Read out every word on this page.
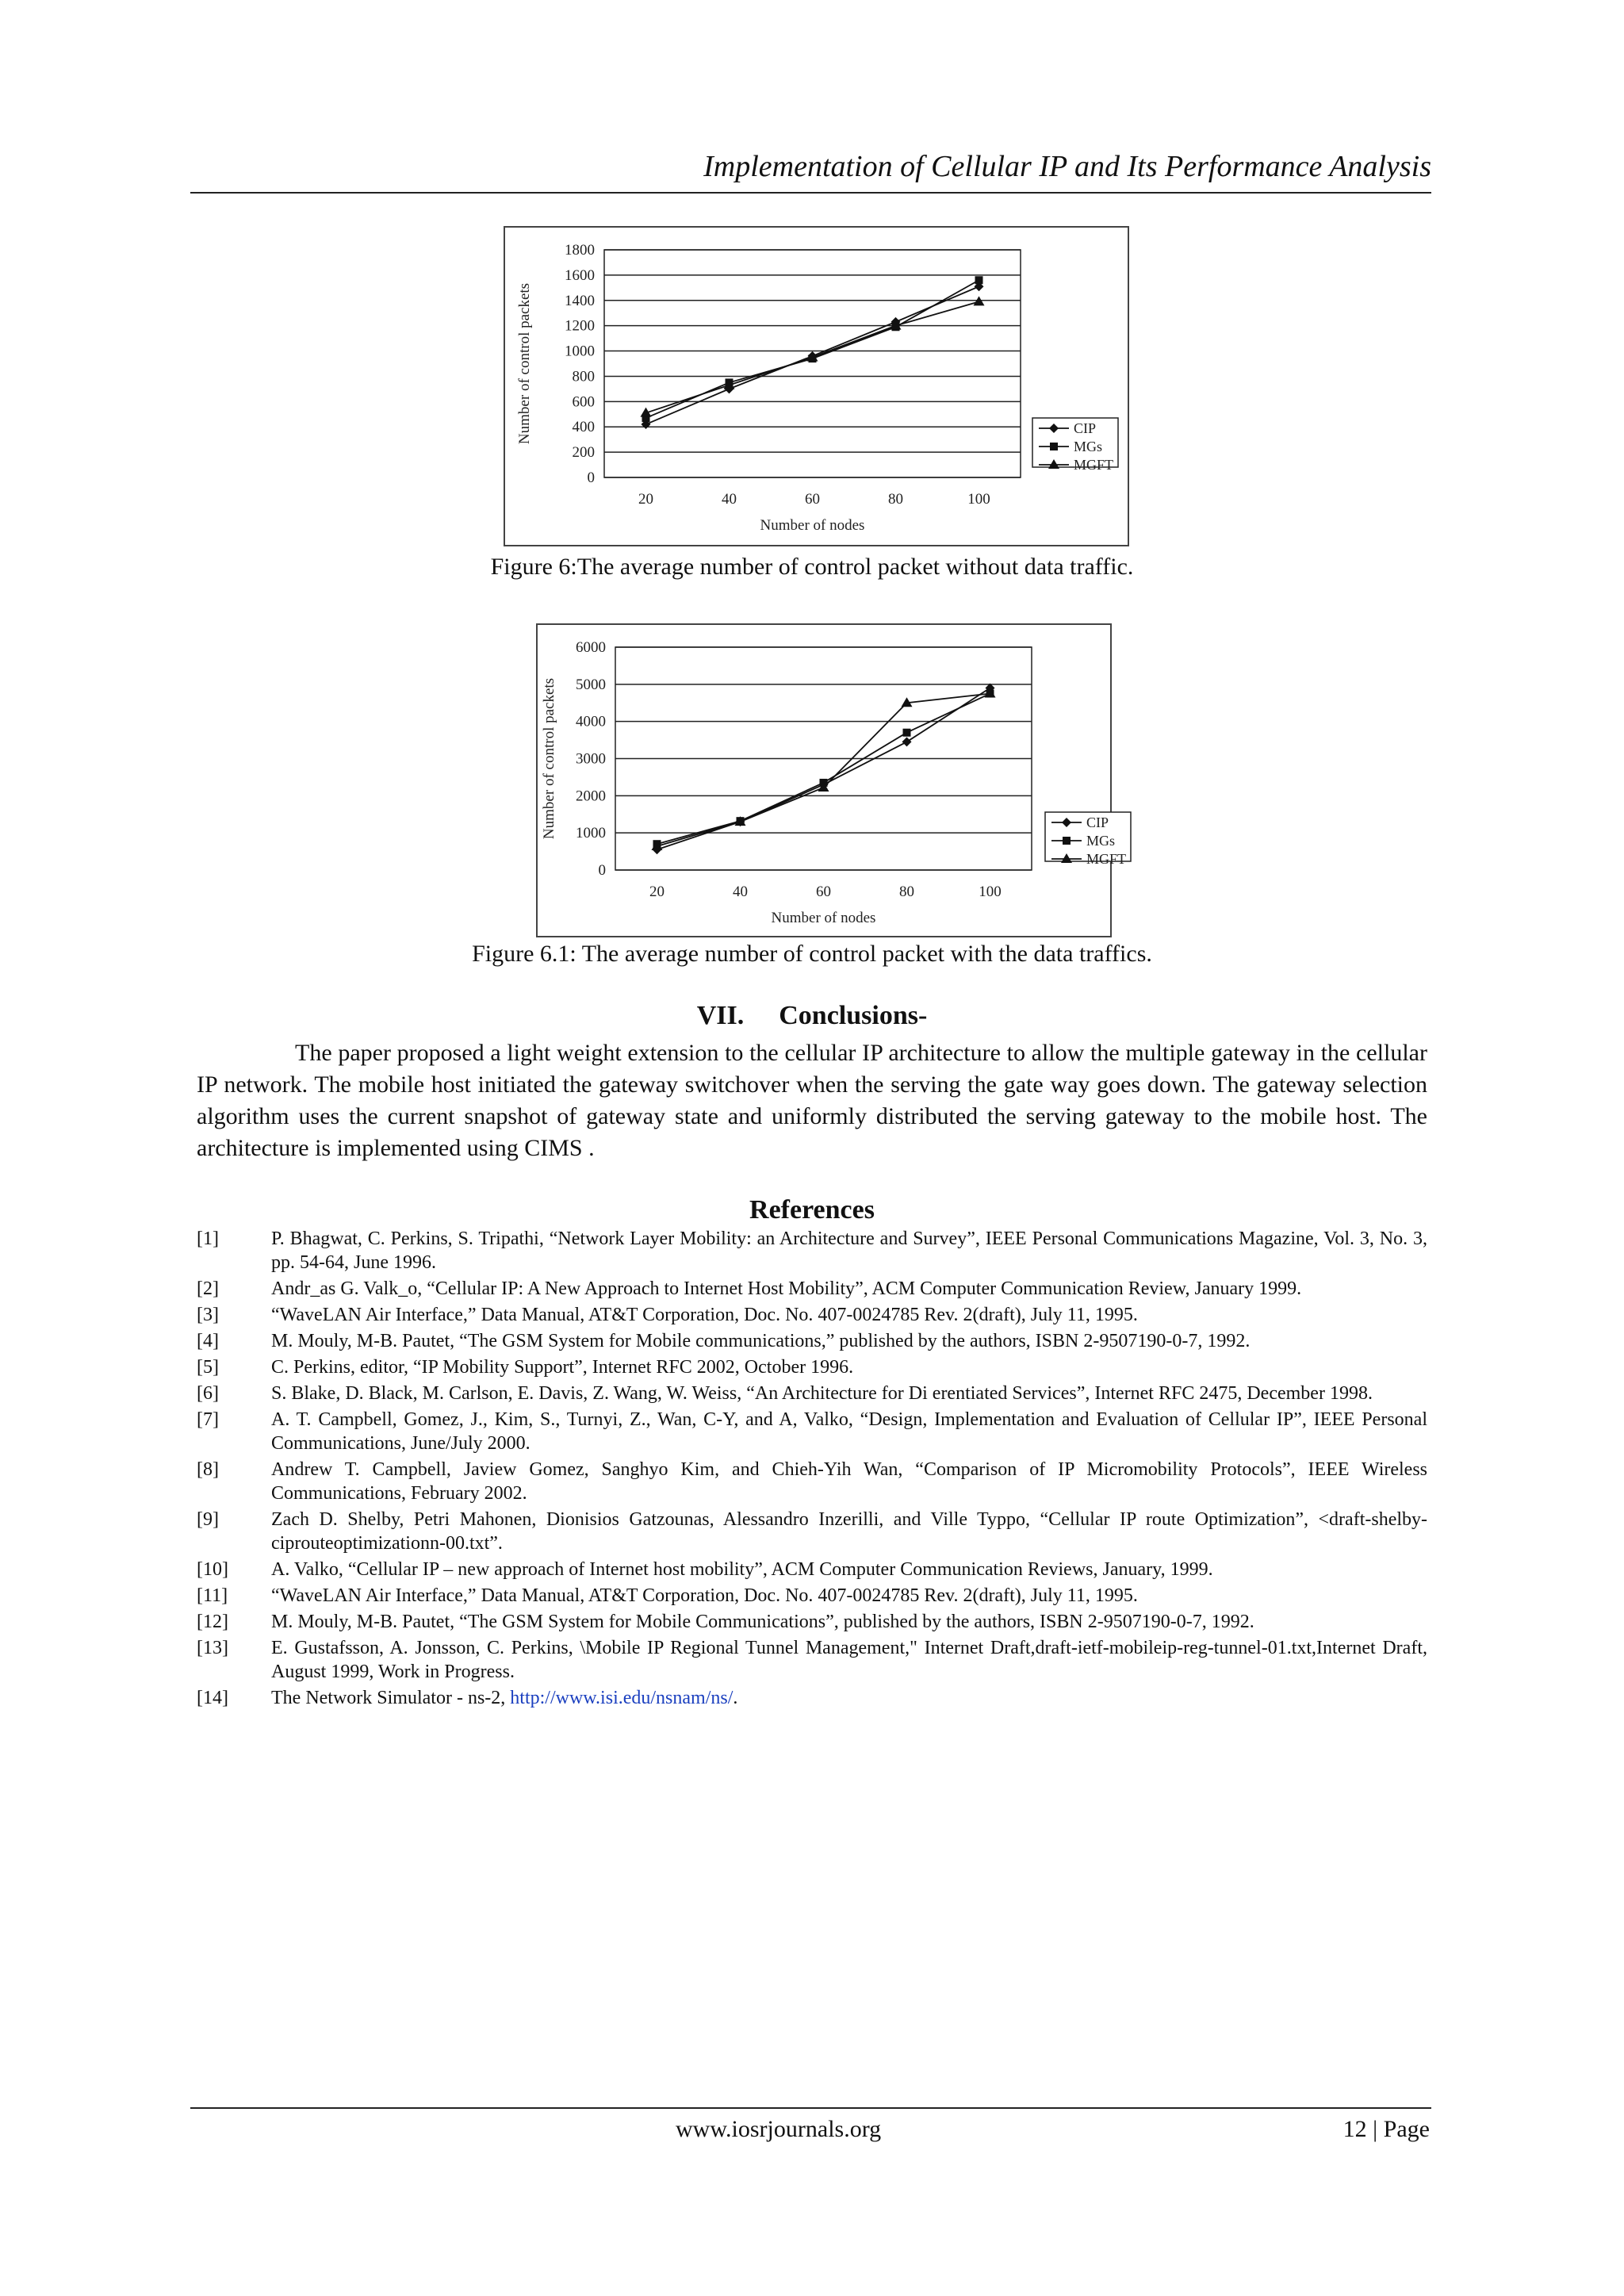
Implementation of Cellular IP and Its Performance Analysis
0
200
400
600
800
1000
1200
1400
1600
1800
20	40	60	80	100
Number of nodes
Number of control packets	CIP
MGs
MGFT
Figure 6:The average number of control packet without data traffic.
0
1000
2000
3000
4000
5000
6000
20	40	60	80	100
Number of nodes
Number of control packets	CIP
MGs
MGFT
Figure 6.1: The average number of control packet with the data traffics.
VII. Conclusions-

The paper proposed a light weight extension to the cellular IP architecture to allow the multiple gateway in the cellular IP network. The mobile host initiated the gateway switchover when the serving the gate way goes down. The gateway selection algorithm uses the current snapshot of gateway state and uniformly distributed the serving gateway to the mobile host. The architecture is implemented using CIMS .

References
[1]	P. Bhagwat, C. Perkins, S. Tripathi, “Network Layer Mobility: an Architecture and Survey”, IEEE Personal Communications Magazine, Vol. 3, No. 3, pp. 54-64, June 1996.
[2]	Andr_as G. Valk_o, “Cellular IP: A New Approach to Internet Host Mobility”, ACM Computer Communication Review, January 1999.
[3]	“WaveLAN Air Interface,” Data Manual, AT&T Corporation, Doc. No. 407-0024785 Rev. 2(draft), July 11, 1995.
[4]	M. Mouly, M-B. Pautet, “The GSM System for Mobile communications,” published by the authors, ISBN 2-9507190-0-7, 1992.
[5]	C. Perkins, editor, “IP Mobility Support”, Internet RFC 2002, October 1996.
[6]	S. Blake, D. Black, M. Carlson, E. Davis, Z. Wang, W. Weiss, “An Architecture for Di erentiated Services”, Internet RFC 2475, December 1998.
[7]	A. T. Campbell, Gomez, J., Kim, S., Turnyi, Z., Wan, C-Y, and A, Valko, “Design, Implementation and Evaluation of Cellular IP”, IEEE Personal Communications, June/July 2000.
[8]	Andrew T. Campbell, Jaview Gomez, Sanghyo Kim, and Chieh-Yih Wan, “Comparison of IP Micromobility Protocols”, IEEE Wireless Communications, February 2002.
[9]	Zach D. Shelby, Petri Mahonen, Dionisios Gatzounas, Alessandro Inzerilli, and Ville Typpo, “Cellular IP route Optimization”, <draft-shelby-ciprouteoptimizationn-00.txt”.
[10]	A. Valko, “Cellular IP – new approach of Internet host mobility”, ACM Computer Communication Reviews, January, 1999.
[11]	“WaveLAN Air Interface,” Data Manual, AT&T Corporation, Doc. No. 407-0024785 Rev. 2(draft), July 11, 1995.
[12]	M. Mouly, M-B. Pautet, “The GSM System for Mobile Communications”, published by the authors, ISBN 2-9507190-0-7, 1992.
[13]	E. Gustafsson, A. Jonsson, C. Perkins, \Mobile IP Regional Tunnel Management," Internet Draft,draft-ietf-mobileip-reg-tunnel-01.txt,Internet Draft, August 1999, Work in Progress.
[14]	The Network Simulator - ns-2, http://www.isi.edu/nsnam/ns/.
www.iosrjournals.org	12 | Page
